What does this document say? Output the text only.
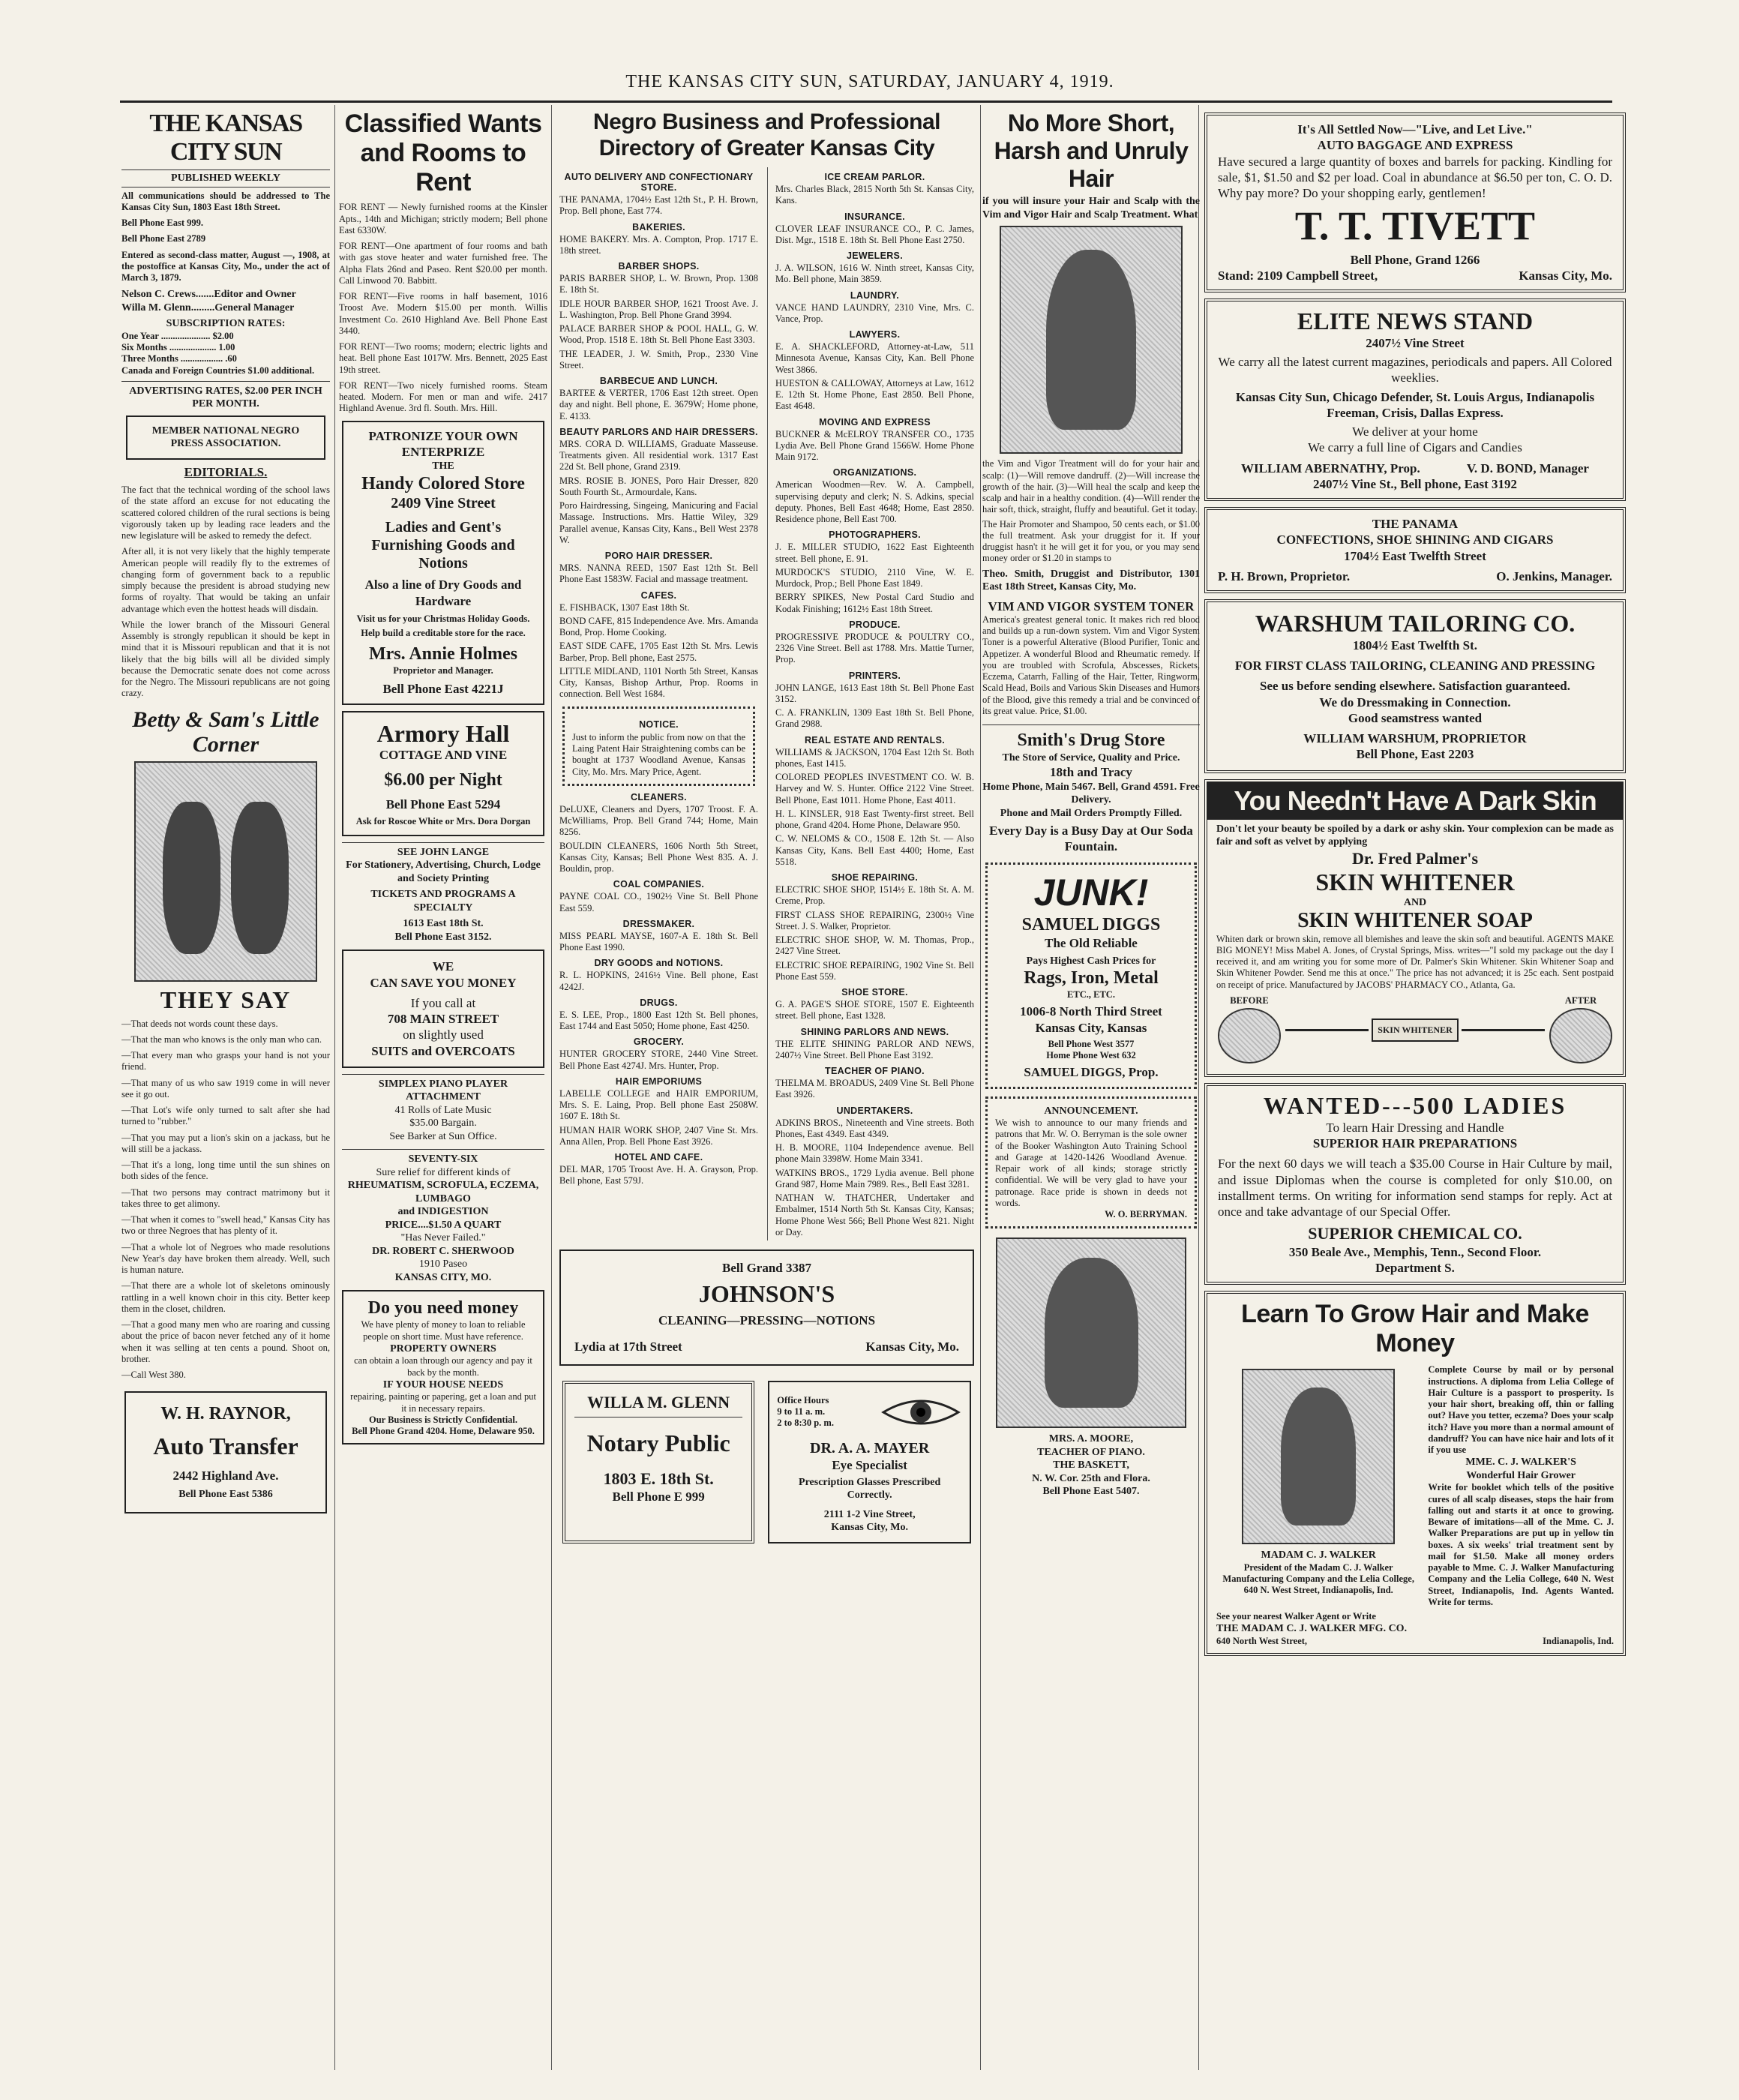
THE KANSAS CITY SUN, SATURDAY, JANUARY 4, 1919.
THE KANSAS CITY SUN
PUBLISHED WEEKLY
All communications should be addressed to The Kansas City Sun, 1803 East 18th Street.
Bell Phone East 999.
Bell Phone East 2789
Entered as second-class matter, August —, 1908, at the postoffice at Kansas City, Mo., under the act of March 3, 1879.
Nelson C. Crews.......Editor and Owner
Willa M. Glenn.........General Manager
SUBSCRIPTION RATES:
One Year ..................... $2.00
Six Months .................... 1.00
Three Months .................. .60
Canada and Foreign Countries $1.00 additional.
ADVERTISING RATES, $2.00 PER INCH PER MONTH.
MEMBER NATIONAL NEGRO PRESS ASSOCIATION.
EDITORIALS.
The fact that the technical wording of the school laws of the state afford an excuse for not educating the scattered colored children of the rural sections is being vigorously taken up by leading race leaders and the new legislature will be asked to remedy the defect.
After all, it is not very likely that the highly temperate American people will readily fly to the extremes of changing form of government back to a republic simply because the president is abroad studying new forms of royalty. That would be taking an unfair advantage which even the hottest heads will disdain.
While the lower branch of the Missouri General Assembly is strongly republican it should be kept in mind that it is Missouri republican and that it is not likely that the big bills will all be divided simply because the Democratic senate does not come across for the Negro. The Missouri republicans are not going crazy.
Betty & Sam's Little Corner
THEY SAY
—That deeds not words count these days.
—That the man who knows is the only man who can.
—That every man who grasps your hand is not your friend.
—That many of us who saw 1919 come in will never see it go out.
—That Lot's wife only turned to salt after she had turned to "rubber."
—That you may put a lion's skin on a jackass, but he will still be a jackass.
—That it's a long, long time until the sun shines on both sides of the fence.
—That two persons may contract matrimony but it takes three to get alimony.
—That when it comes to "swell head," Kansas City has two or three Negroes that has plenty of it.
—That a whole lot of Negroes who made resolutions New Year's day have broken them already. Well, such is human nature.
—That there are a whole lot of skeletons ominously rattling in a well known choir in this city. Better keep them in the closet, children.
—That a good many men who are roaring and cussing about the price of bacon never fetched any of it home when it was selling at ten cents a pound. Shoot on, brother.
—Call West 380.
W. H. RAYNOR,
Auto Transfer
2442 Highland Ave.
Bell Phone East 5386
Classified Wants and Rooms to Rent
FOR RENT — Newly furnished rooms at the Kinsler Apts., 14th and Michigan; strictly modern; Bell phone East 6330W.
FOR RENT—One apartment of four rooms and bath with gas stove heater and water furnished free. The Alpha Flats 26nd and Paseo. Rent $20.00 per month. Call Linwood 70. Babbitt.
FOR RENT—Five rooms in half basement, 1016 Troost Ave. Modern $15.00 per month. Willis Investment Co. 2610 Highland Ave. Bell Phone East 3440.
FOR RENT—Two rooms; modern; electric lights and heat. Bell phone East 1017W. Mrs. Bennett, 2025 East 19th street.
FOR RENT—Two nicely furnished rooms. Steam heated. Modern. For men or man and wife. 2417 Highland Avenue. 3rd fl. South. Mrs. Hill.
PATRONIZE YOUR OWN ENTERPRIZE
THE
Handy Colored Store
2409 Vine Street
Ladies and Gent's Furnishing Goods and Notions
Also a line of Dry Goods and Hardware
Visit us for your Christmas Holiday Goods.
Help build a creditable store for the race.
Mrs. Annie Holmes
Proprietor and Manager.
Bell Phone East 4221J
Armory Hall
COTTAGE AND VINE
$6.00 per Night
Bell Phone East 5294
Ask for Roscoe White or Mrs. Dora Dorgan
SEE JOHN LANGE
For Stationery, Advertising, Church, Lodge and Society Printing
TICKETS AND PROGRAMS A SPECIALTY
1613 East 18th St.
Bell Phone East 3152.
WE
CAN SAVE YOU MONEY
If you call at
708 MAIN STREET
on slightly used
SUITS and OVERCOATS
SIMPLEX PIANO PLAYER ATTACHMENT
41 Rolls of Late Music
$35.00 Bargain.
See Barker at Sun Office.
SEVENTY-SIX
Sure relief for different kinds of
RHEUMATISM, SCROFULA, ECZEMA, LUMBAGO
and INDIGESTION
PRICE....$1.50 A QUART
"Has Never Failed."
DR. ROBERT C. SHERWOOD
1910 Paseo
KANSAS CITY, MO.
Do you need money
We have plenty of money to loan to reliable people on short time. Must have reference.
PROPERTY OWNERS
can obtain a loan through our agency and pay it back by the month.
IF YOUR HOUSE NEEDS
repairing, painting or papering, get a loan and put it in necessary repairs.
Our Business is Strictly Confidential.
Bell Phone Grand 4204. Home, Delaware 950.
Negro Business and Professional Directory of Greater Kansas City
AUTO DELIVERY AND CONFECTIONARY STORE.
THE PANAMA, 1704½ East 12th St., P. H. Brown, Prop. Bell phone, East 774.
BAKERIES.
HOME BAKERY. Mrs. A. Compton, Prop. 1717 E. 18th street.
BARBER SHOPS.
PARIS BARBER SHOP, L. W. Brown, Prop. 1308 E. 18th St.
IDLE HOUR BARBER SHOP, 1621 Troost Ave. J. L. Washington, Prop. Bell Phone Grand 3994.
PALACE BARBER SHOP & POOL HALL, G. W. Wood, Prop. 1518 E. 18th St. Bell Phone East 3303.
THE LEADER, J. W. Smith, Prop., 2330 Vine Street.
BARBECUE AND LUNCH.
BARTEE & VERTER, 1706 East 12th street. Open day and night. Bell phone, E. 3679W; Home phone, E. 4133.
BEAUTY PARLORS AND HAIR DRESSERS.
MRS. CORA D. WILLIAMS, Graduate Masseuse. Treatments given. All residential work. 1317 East 22d St. Bell phone, Grand 2319.
MRS. ROSIE B. JONES, Poro Hair Dresser, 820 South Fourth St., Armourdale, Kans.
Poro Hairdressing, Singeing, Manicuring and Facial Massage. Instructions. Mrs. Hattie Wiley, 329 Parallel avenue, Kansas City, Kans., Bell West 2378 W.
PORO HAIR DRESSER.
MRS. NANNA REED, 1507 East 12th St. Bell Phone East 1583W. Facial and massage treatment.
CAFES.
E. FISHBACK, 1307 East 18th St.
BOND CAFE, 815 Independence Ave. Mrs. Amanda Bond, Prop. Home Cooking.
EAST SIDE CAFE, 1705 East 12th St. Mrs. Lewis Barber, Prop. Bell phone, East 2575.
LITTLE MIDLAND, 1101 North 5th Street, Kansas City, Kansas, Bishop Arthur, Prop. Rooms in connection. Bell West 1684.
NOTICE.
Just to inform the public from now on that the Laing Patent Hair Straightening combs can be bought at 1737 Woodland Avenue, Kansas City, Mo. Mrs. Mary Price, Agent.
CLEANERS.
DeLUXE, Cleaners and Dyers, 1707 Troost. F. A. McWilliams, Prop. Bell Grand 744; Home, Main 8256.
BOULDIN CLEANERS, 1606 North 5th Street, Kansas City, Kansas; Bell Phone West 835. A. J. Bouldin, prop.
COAL COMPANIES.
PAYNE COAL CO., 1902½ Vine St. Bell Phone East 559.
DRESSMAKER.
MISS PEARL MAYSE, 1607-A E. 18th St. Bell Phone East 1990.
DRY GOODS and NOTIONS.
R. L. HOPKINS, 2416½ Vine. Bell phone, East 4242J.
DRUGS.
E. S. LEE, Prop., 1800 East 12th St. Bell phones, East 1744 and East 5050; Home phone, East 4250.
GROCERY.
HUNTER GROCERY STORE, 2440 Vine Street. Bell Phone East 4274J. Mrs. Hunter, Prop.
HAIR EMPORIUMS
LABELLE COLLEGE and HAIR EMPORIUM, Mrs. S. E. Laing, Prop. Bell phone East 2508W. 1607 E. 18th St.
HUMAN HAIR WORK SHOP, 2407 Vine St. Mrs. Anna Allen, Prop. Bell Phone East 3926.
HOTEL AND CAFE.
DEL MAR, 1705 Troost Ave. H. A. Grayson, Prop. Bell phone, East 579J.
ICE CREAM PARLOR.
Mrs. Charles Black, 2815 North 5th St. Kansas City, Kans.
INSURANCE.
CLOVER LEAF INSURANCE CO., P. C. James, Dist. Mgr., 1518 E. 18th St. Bell Phone East 2750.
JEWELERS.
J. A. WILSON, 1616 W. Ninth street, Kansas City, Mo. Bell phone, Main 3859.
LAUNDRY.
VANCE HAND LAUNDRY, 2310 Vine, Mrs. C. Vance, Prop.
LAWYERS.
E. A. SHACKLEFORD, Attorney-at-Law, 511 Minnesota Avenue, Kansas City, Kan. Bell Phone West 3866.
HUESTON & CALLOWAY, Attorneys at Law, 1612 E. 12th St. Home Phone, East 2850. Bell Phone, East 4648.
MOVING AND EXPRESS
BUCKNER & McELROY TRANSFER CO., 1735 Lydia Ave. Bell Phone Grand 1566W. Home Phone Main 9172.
ORGANIZATIONS.
American Woodmen—Rev. W. A. Campbell, supervising deputy and clerk; N. S. Adkins, special deputy. Phones, Bell East 4648; Home, East 2850. Residence phone, Bell East 700.
PHOTOGRAPHERS.
J. E. MILLER STUDIO, 1622 East Eighteenth street. Bell phone, E. 91.
MURDOCK'S STUDIO, 2110 Vine, W. E. Murdock, Prop.; Bell Phone East 1849.
BERRY SPIKES, New Postal Card Studio and Kodak Finishing; 1612½ East 18th Street.
PRODUCE.
PROGRESSIVE PRODUCE & POULTRY CO., 2326 Vine Street. Bell ast 1788. Mrs. Mattie Turner, Prop.
PRINTERS.
JOHN LANGE, 1613 East 18th St. Bell Phone East 3152.
C. A. FRANKLIN, 1309 East 18th St. Bell Phone, Grand 2988.
REAL ESTATE AND RENTALS.
WILLIAMS & JACKSON, 1704 East 12th St. Both phones, East 1415.
COLORED PEOPLES INVESTMENT CO. W. B. Harvey and W. S. Hunter. Office 2122 Vine Street. Bell Phone, East 1011. Home Phone, East 4011.
H. L. KINSLER, 918 East Twenty-first street. Bell phone, Grand 4204. Home Phone, Delaware 950.
C. W. NELOMS & CO., 1508 E. 12th St. — Also Kansas City, Kans. Bell East 4400; Home, East 5518.
SHOE REPAIRING.
ELECTRIC SHOE SHOP, 1514½ E. 18th St. A. M. Creme, Prop.
FIRST CLASS SHOE REPAIRING, 2300½ Vine Street. J. S. Walker, Proprietor.
ELECTRIC SHOE SHOP, W. M. Thomas, Prop., 2427 Vine Street.
ELECTRIC SHOE REPAIRING, 1902 Vine St. Bell Phone East 559.
SHOE STORE.
G. A. PAGE'S SHOE STORE, 1507 E. Eighteenth street. Bell phone, East 1328.
SHINING PARLORS AND NEWS.
THE ELITE SHINING PARLOR AND NEWS, 2407½ Vine Street. Bell Phone East 3192.
TEACHER OF PIANO.
THELMA M. BROADUS, 2409 Vine St. Bell Phone East 3926.
UNDERTAKERS.
ADKINS BROS., Nineteenth and Vine streets. Both Phones, East 4349. East 4349.
H. B. MOORE, 1104 Independence avenue. Bell phone Main 3398W. Home Main 3341.
WATKINS BROS., 1729 Lydia avenue. Bell phone Grand 987, Home Main 7989. Res., Bell East 3281.
NATHAN W. THATCHER, Undertaker and Embalmer, 1514 North 5th St. Kansas City, Kansas; Home Phone West 566; Bell Phone West 821. Night or Day.
Bell Grand 3387
JOHNSON'S
CLEANING—PRESSING—NOTIONS
Lydia at 17th Street	Kansas City, Mo.
WILLA M. GLENN
Notary Public
1803 E. 18th St.
Bell Phone E 999
Office Hours
9 to 11 a. m.
2 to 8:30 p. m.
DR. A. A. MAYER
Eye Specialist
Prescription Glasses Prescribed Correctly.
2111 1-2 Vine Street,
Kansas City, Mo.
No More Short, Harsh and Unruly Hair
if you will insure your Hair and Scalp with the Vim and Vigor Hair and Scalp Treatment. What
the Vim and Vigor Treatment will do for your hair and scalp: (1)—Will remove dandruff. (2)—Will increase the growth of the hair. (3)—Will heal the scalp and keep the scalp and hair in a healthy condition. (4)—Will render the hair soft, thick, straight, fluffy and beautiful. Get it today.
The Hair Promoter and Shampoo, 50 cents each, or $1.00 the full treatment. Ask your druggist for it. If your druggist hasn't it he will get it for you, or you may send money order or $1.20 in stamps to
Theo. Smith, Druggist and Distributor, 1301 East 18th Street, Kansas City, Mo.
VIM AND VIGOR SYSTEM TONER
America's greatest general tonic. It makes rich red blood and builds up a run-down system. Vim and Vigor System Toner is a powerful Alterative (Blood Purifier, Tonic and Appetizer. A wonderful Blood and Rheumatic remedy. If you are troubled with Scrofula, Abscesses, Rickets, Eczema, Catarrh, Falling of the Hair, Tetter, Ringworm, Scald Head, Boils and Various Skin Diseases and Humors of the Blood, give this remedy a trial and be convinced of its great value. Price, $1.00.
Smith's Drug Store
The Store of Service, Quality and Price.
18th and Tracy
Home Phone, Main 5467. Bell, Grand 4591. Free Delivery.
Phone and Mail Orders Promptly Filled.
Every Day is a Busy Day at Our Soda Fountain.
JUNK!
SAMUEL DIGGS
The Old Reliable
Pays Highest Cash Prices for
Rags, Iron, Metal
ETC., ETC.
1006-8 North Third Street
Kansas City, Kansas
Bell Phone West 3577
Home Phone West 632
SAMUEL DIGGS, Prop.
ANNOUNCEMENT.
We wish to announce to our many friends and patrons that Mr. W. O. Berryman is the sole owner of the Booker Washington Auto Training School and Garage at 1420-1426 Woodland Avenue. Repair work of all kinds; storage strictly confidential. We will be very glad to have your patronage. Race pride is shown in deeds not words.
W. O. BERRYMAN.
MRS. A. MOORE,
TEACHER OF PIANO.
THE BASKETT,
N. W. Cor. 25th and Flora.
Bell Phone East 5407.
It's All Settled Now—"Live, and Let Live."
AUTO BAGGAGE AND EXPRESS
Have secured a large quantity of boxes and barrels for packing. Kindling for sale, $1, $1.50 and $2 per load. Coal in abundance at $6.50 per ton, C. O. D. Why pay more? Do your shopping early, gentlemen!
T. T. TIVETT
Bell Phone, Grand 1266
Stand: 2109 Campbell Street,	Kansas City, Mo.
ELITE NEWS STAND
2407½ Vine Street
We carry all the latest current magazines, periodicals and papers. All Colored weeklies.
Kansas City Sun, Chicago Defender, St. Louis Argus, Indianapolis Freeman, Crisis, Dallas Express.
We deliver at your home
We carry a full line of Cigars and Candies
WILLIAM ABERNATHY, Prop.	V. D. BOND, Manager
2407½ Vine St., Bell phone, East 3192
THE PANAMA
CONFECTIONS, SHOE SHINING AND CIGARS
1704½ East Twelfth Street
P. H. Brown, Proprietor.	O. Jenkins, Manager.
WARSHUM TAILORING CO.
1804½ East Twelfth St.
FOR FIRST CLASS TAILORING, CLEANING AND PRESSING
See us before sending elsewhere. Satisfaction guaranteed.
We do Dressmaking in Connection.
Good seamstress wanted
WILLIAM WARSHUM, PROPRIETOR
Bell Phone, East 2203
You Needn't Have A Dark Skin
Don't let your beauty be spoiled by a dark or ashy skin. Your complexion can be made as fair and soft as velvet by applying
Dr. Fred Palmer's
SKIN WHITENER
AND
SKIN WHITENER SOAP
Whiten dark or brown skin, remove all blemishes and leave the skin soft and beautiful. AGENTS MAKE BIG MONEY! Miss Mabel A. Jones, of Crystal Springs, Miss. writes—"I sold my package out the day I received it, and am writing you for some more of Dr. Palmer's Skin Whitener. Skin Whitener Soap and Skin Whitener Powder. Send me this at once." The price has not advanced; it is 25c each. Sent postpaid on receipt of price. Manufactured by JACOBS' PHARMACY CO., Atlanta, Ga.
BEFORE
SKIN WHITENER
AFTER
WANTED---500 LADIES
To learn Hair Dressing and Handle
SUPERIOR HAIR PREPARATIONS
For the next 60 days we will teach a $35.00 Course in Hair Culture by mail, and issue Diplomas when the course is completed for only $10.00, on installment terms. On writing for information send stamps for reply. Act at once and take advantage of our Special Offer.
SUPERIOR CHEMICAL CO.
350 Beale Ave., Memphis, Tenn., Second Floor.
Department S.
Learn To Grow Hair and Make Money
MADAM C. J. WALKER
President of the Madam C. J. Walker Manufacturing Company and the Lelia College, 640 N. West Street, Indianapolis, Ind.
Complete Course by mail or by personal instructions. A diploma from Lelia College of Hair Culture is a passport to prosperity. Is your hair short, breaking off, thin or falling out? Have you tetter, eczema? Does your scalp itch? Have you more than a normal amount of dandruff? You can have nice hair and lots of it if you use
MME. C. J. WALKER'S
Wonderful Hair Grower
Write for booklet which tells of the positive cures of all scalp diseases, stops the hair from falling out and starts it at once to growing. Beware of imitations—all of the Mme. C. J. Walker Preparations are put up in yellow tin boxes. A six weeks' trial treatment sent by mail for $1.50. Make all money orders payable to Mme. C. J. Walker Manufacturing Company and the Lelia College, 640 N. West Street, Indianapolis, Ind. Agents Wanted. Write for terms.
See your nearest Walker Agent or Write
THE MADAM C. J. WALKER MFG. CO.
640 North West Street,	Indianapolis, Ind.
